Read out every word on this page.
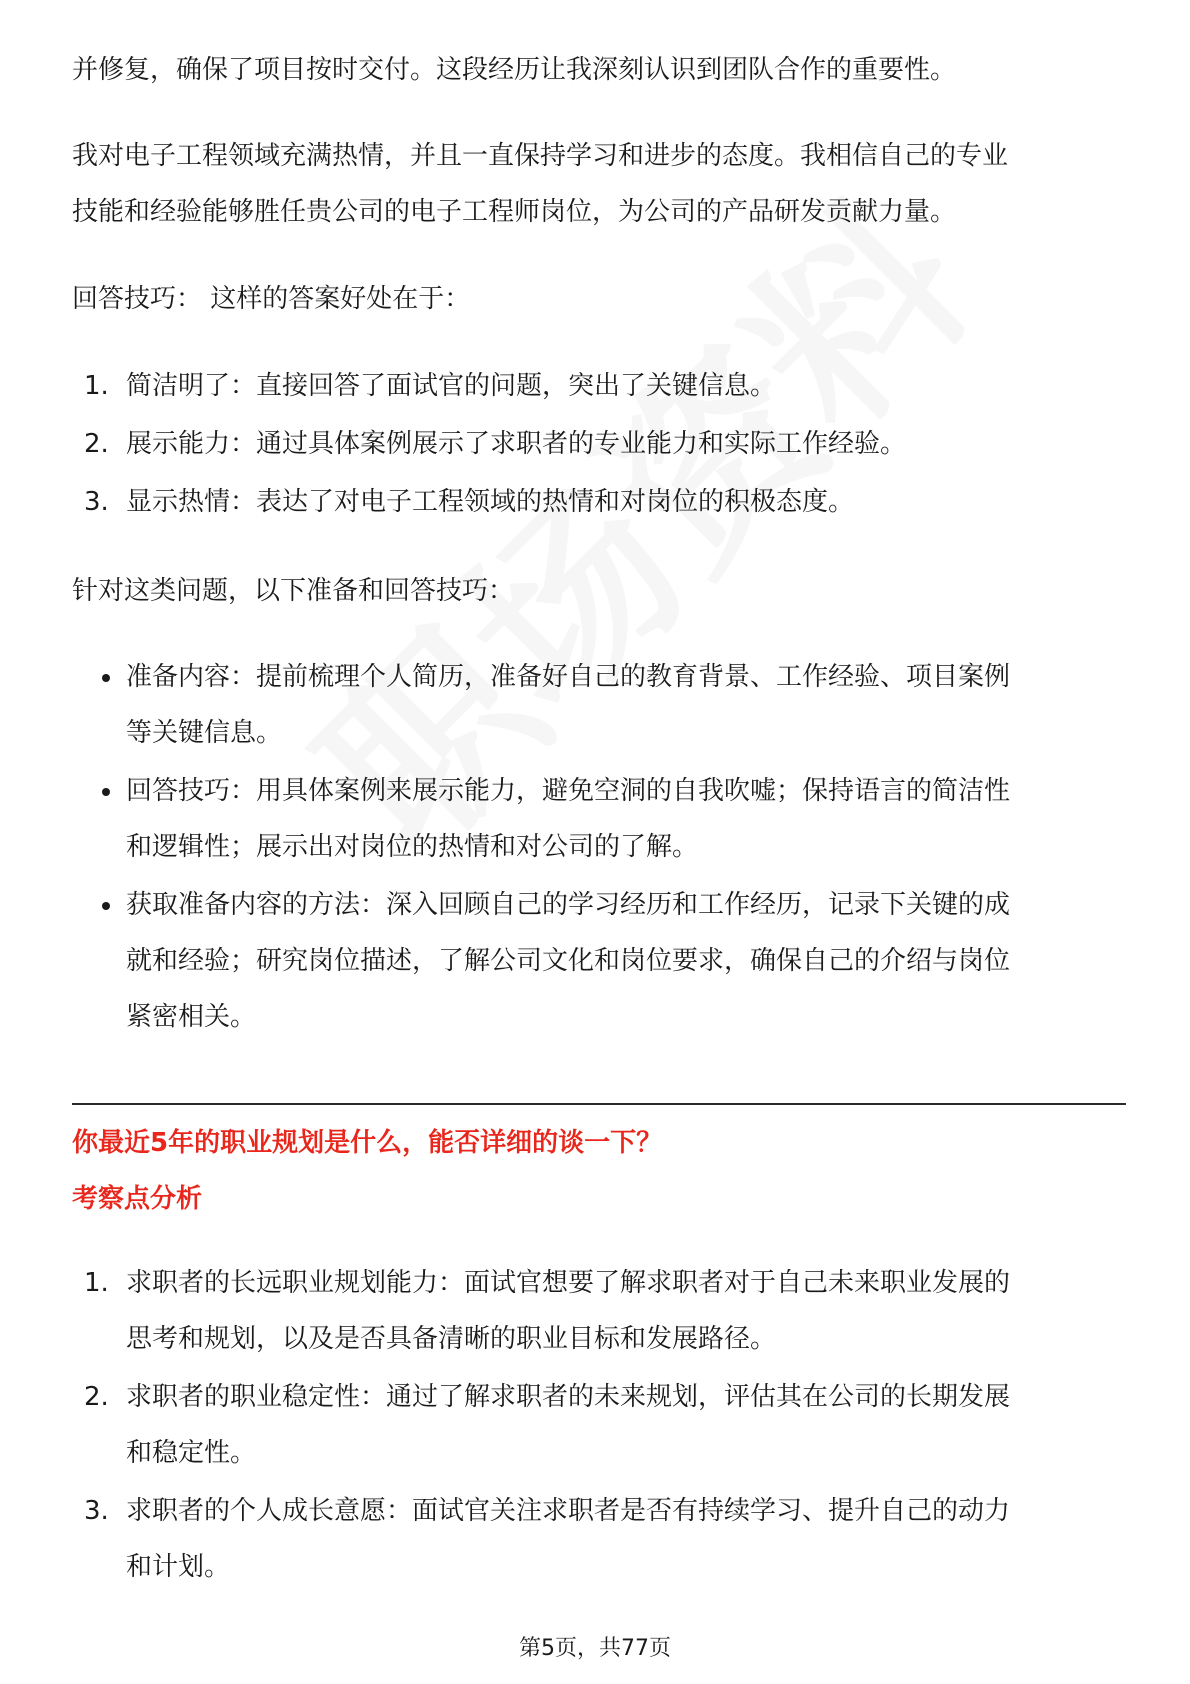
并修复，确保了项目按时交付。这段经历让我深刻认识到团队合作的重要性。

我对电子工程领域充满热情，并且一直保持学习和进步的态度。我相信自己的专业
技能和经验能够胜任贵公司的电子工程师岗位，为公司的产品研发贡献力量。

回答技巧： 这样的答案好处在于：

1. 简洁明了：直接回答了面试官的问题，突出了关键信息。
2. 展示能力：通过具体案例展示了求职者的专业能力和实际工作经验。
3. 显示热情：表达了对电子工程领域的热情和对岗位的积极态度。

针对这类问题，以下准备和回答技巧：

准备内容：提前梳理个人简历，准备好自己的教育背景、工作经验、项目案例
等关键信息。
回答技巧：用具体案例来展示能力，避免空洞的自我吹嘘；保持语言的简洁性
和逻辑性；展示出对岗位的热情和对公司的了解。
获取准备内容的方法：深入回顾自己的学习经历和工作经历，记录下关键的成
就和经验；研究岗位描述，了解公司文化和岗位要求，确保自己的介绍与岗位
紧密相关。
你最近5年的职业规划是什么，能否详细的谈一下？
考察点分析
1. 求职者的长远职业规划能力：面试官想要了解求职者对于自己未来职业发展的
思考和规划，以及是否具备清晰的职业目标和发展路径。
2. 求职者的职业稳定性：通过了解求职者的未来规划，评估其在公司的长期发展
和稳定性。
3. 求职者的个人成长意愿：面试官关注求职者是否有持续学习、提升自己的动力
和计划。
第5页，共77页
